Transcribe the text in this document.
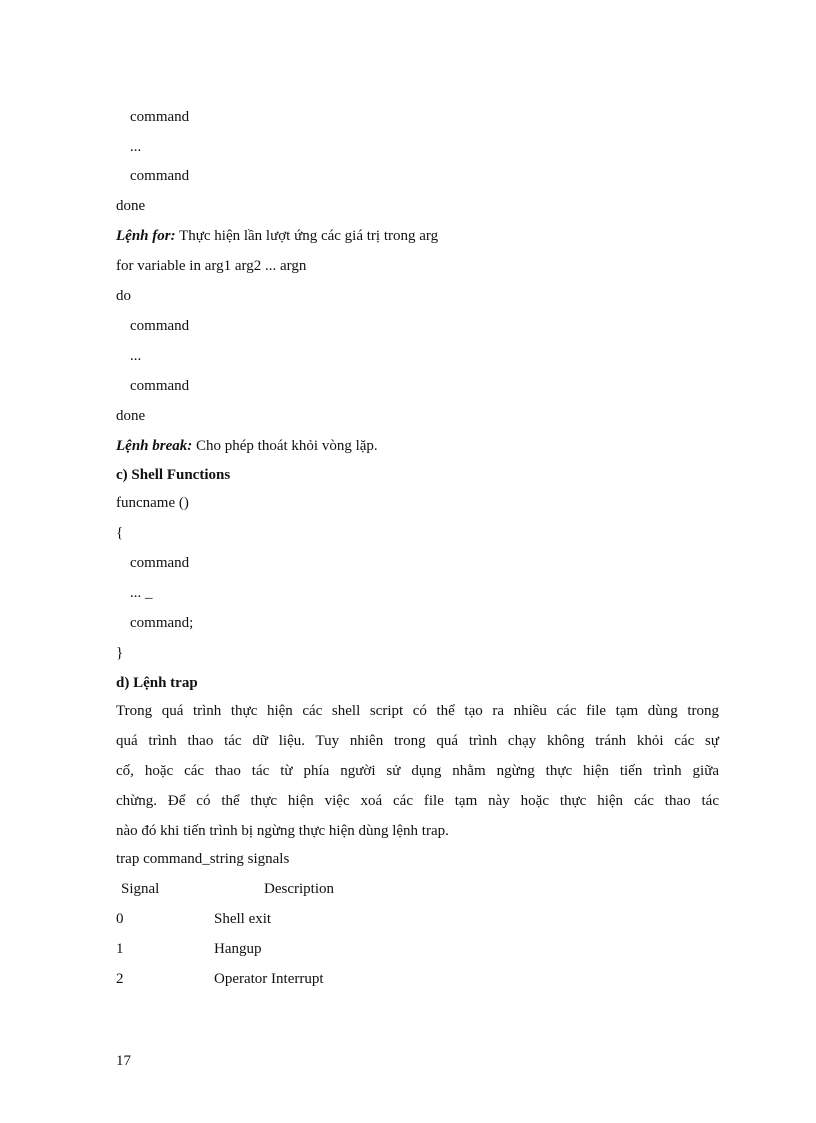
command
...
command
done
Lệnh for: Thực hiện lần lượt ứng các giá trị trong arg
for variable in arg1 arg2 ... argn
do
command
...
command
done
Lệnh break: Cho phép thoát khỏi vòng lặp.
c) Shell Functions
funcname ()
{
command
... _
command;
}
d) Lệnh trap
Trong quá trình thực hiện các shell script có thể tạo ra nhiều các file tạm dùng trong
quá trình thao tác dữ liệu. Tuy nhiên trong quá trình chạy không tránh khỏi các sự
cố, hoặc các thao tác từ phía người sử dụng nhằm ngừng thực hiện tiến trình giữa
chừng. Để có thể thực hiện việc xoá các file tạm này hoặc thực hiện các thao tác
nào đó khi tiến trình bị ngừng thực hiện dùng lệnh trap.
trap command_string signals
Signal	Description
0	Shell exit
1	Hangup
2	Operator Interrupt
17
